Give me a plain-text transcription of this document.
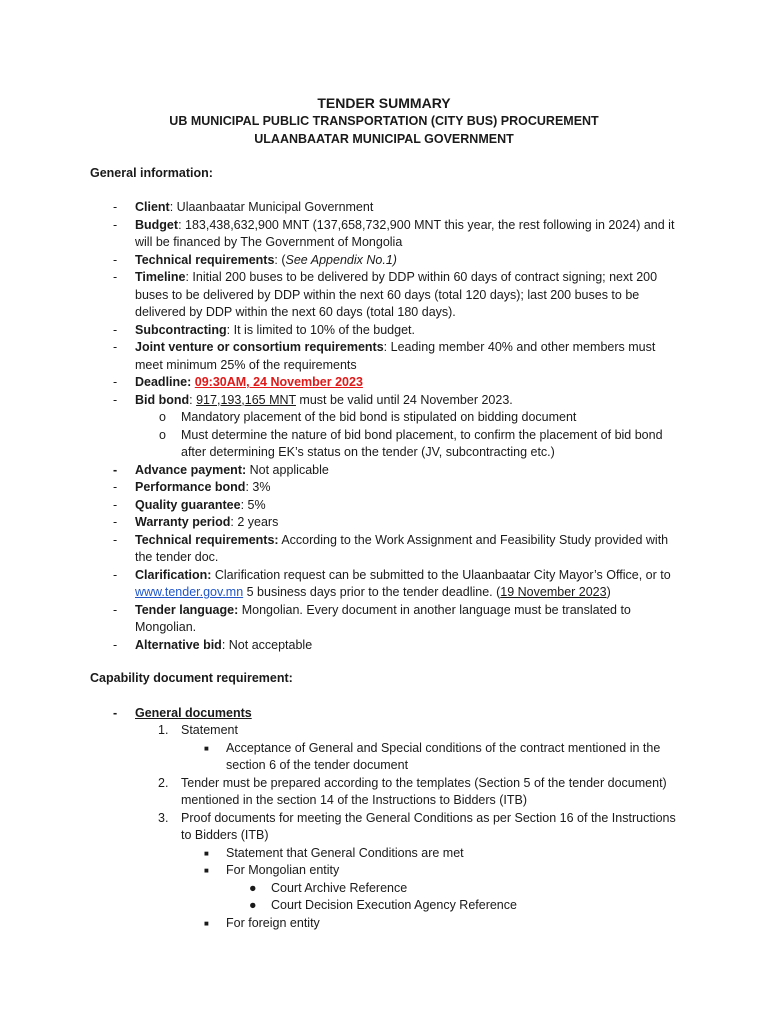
TENDER SUMMARY
UB MUNICIPAL PUBLIC TRANSPORTATION (CITY BUS) PROCUREMENT
ULAANBAATAR MUNICIPAL GOVERNMENT
General information:
- Client: Ulaanbaatar Municipal Government
- Budget: 183,438,632,900 MNT (137,658,732,900 MNT this year, the rest following in 2024) and it will be financed by The Government of Mongolia
- Technical requirements: (See Appendix No.1)
- Timeline: Initial 200 buses to be delivered by DDP within 60 days of contract signing; next 200 buses to be delivered by DDP within the next 60 days (total 120 days); last 200 buses to be delivered by DDP within the next 60 days (total 180 days).
- Subcontracting: It is limited to 10% of the budget.
- Joint venture or consortium requirements: Leading member 40% and other members must meet minimum 25% of the requirements
- Deadline: 09:30AM, 24 November 2023
- Bid bond: 917,193,165 MNT must be valid until 24 November 2023.
o Mandatory placement of the bid bond is stipulated on bidding document
o Must determine the nature of bid bond placement, to confirm the placement of bid bond after determining EK’s status on the tender (JV, subcontracting etc.)
- Advance payment: Not applicable
- Performance bond: 3%
- Quality guarantee: 5%
- Warranty period: 2 years
- Technical requirements: According to the Work Assignment and Feasibility Study provided with the tender doc.
- Clarification: Clarification request can be submitted to the Ulaanbaatar City Mayor’s Office, or to www.tender.gov.mn 5 business days prior to the tender deadline. (19 November 2023)
- Tender language: Mongolian. Every document in another language must be translated to Mongolian.
- Alternative bid: Not acceptable
Capability document requirement:
- General documents
1. Statement
■ Acceptance of General and Special conditions of the contract mentioned in the section 6 of the tender document
2. Tender must be prepared according to the templates (Section 5 of the tender document) mentioned in the section 14 of the Instructions to Bidders (ITB)
3. Proof documents for meeting the General Conditions as per Section 16 of the Instructions to Bidders (ITB)
■ Statement that General Conditions are met
■ For Mongolian entity
● Court Archive Reference
● Court Decision Execution Agency Reference
■ For foreign entity
